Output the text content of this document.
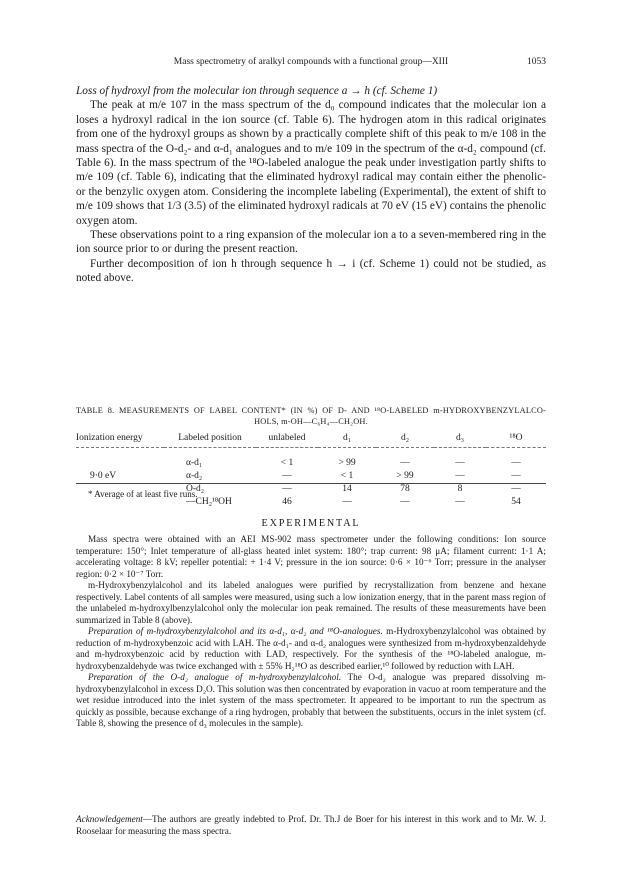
Mass spectrometry of aralkyl compounds with a functional group—XIII	1053

Loss of hydroxyl from the molecular ion through sequence a → h (cf. Scheme 1)

The peak at m/e 107 in the mass spectrum of the d₀ compound indicates that the molecular ion a loses a hydroxyl radical in the ion source (cf. Table 6). The hydrogen atom in this radical originates from one of the hydroxyl groups as shown by a practically complete shift of this peak to m/e 108 in the mass spectra of the O-d₂- and α-d₁ analogues and to m/e 109 in the spectrum of the α-d₂ compound (cf. Table 6). In the mass spectrum of the ¹⁸O-labeled analogue the peak under investigation partly shifts to m/e 109 (cf. Table 6), indicating that the eliminated hydroxyl radical may contain either the phenolic- or the benzylic oxygen atom. Considering the incomplete labeling (Experimental), the extent of shift to m/e 109 shows that 1/3 (3.5) of the eliminated hydroxyl radicals at 70 eV (15 eV) contains the phenolic oxygen atom.

These observations point to a ring expansion of the molecular ion a to a seven-membered ring in the ion source prior to or during the present reaction.

Further decomposition of ion h through sequence h → i (cf. Scheme 1) could not be studied, as noted above.

TABLE 8. MEASUREMENTS OF LABEL CONTENT* (IN %) OF D- AND ¹⁸O-LABELED m-HYDROXYBENZYLALCO-
HOLS, m-OH—C₆H₄—CH₂OH.
Ionization energy	Labeled position	unlabeled	d₁	d₂	d₃	¹⁸O
	α-d₁	< 1	> 99	—	—	—
9·0 eV	α-d₂	—	< 1	> 99	—	—
	O-d₂	—	14	78	8	—
	—CH₂¹⁸OH	46	—	—	—	54
* Average of at least five runs.
EXPERIMENTAL

Mass spectra were obtained with an AEI MS-902 mass spectrometer under the following conditions: Ion source temperature: 150°; Inlet temperature of all-glass heated inlet system: 180°; trap current: 98 μA; filament current: 1·1 A; accelerating voltage: 8 kV; repeller potential: + 1·4 V; pressure in the ion source: 0·6 × 10⁻⁶ Torr; pressure in the analyser region: 0·2 × 10⁻⁷ Torr.

m-Hydroxybenzylalcohol and its labeled analogues were purified by recrystallization from benzene and hexane respectively. Label contents of all samples were measured, using such a low ionization energy, that in the parent mass region of the unlabeled m-hydroxylbenzylalcohol only the molecular ion peak remained. The results of these measurements have been summarized in Table 8 (above).

Preparation of m-hydroxybenzylalcohol and its α-d₁, α-d₂ and ¹⁸O-analogues. m-Hydroxybenzylalcohol was obtained by reduction of m-hydroxybenzoic acid with LAH. The α-d₁- and α-d₂ analogues were synthesized from m-hydroxybenzaldehyde and m-hydroxybenzoic acid by reduction with LAD, respectively. For the synthesis of the ¹⁸O-labeled analogue, m-hydroxybenzaldehyde was twice exchanged with ± 55% H₂¹⁸O as described earlier,¹⁰ followed by reduction with LAH.

Preparation of the O-d₂ analogue of m-hydroxybenzylalcohol. The O-d₂ analogue was prepared dissolving m-hydroxybenzylalcohol in excess D₂O. This solution was then concentrated by evaporation in vacuo at room temperature and the wet residue introduced into the inlet system of the mass spectrometer. It appeared to be important to run the spectrum as quickly as possible, because exchange of a ring hydrogen, probably that between the substituents, occurs in the inlet system (cf. Table 8, showing the presence of d₃ molecules in the sample).

Acknowledgement—The authors are greatly indebted to Prof. Dr. Th.J de Boer for his interest in this work and to Mr. W. J. Rooselaar for measuring the mass spectra.
